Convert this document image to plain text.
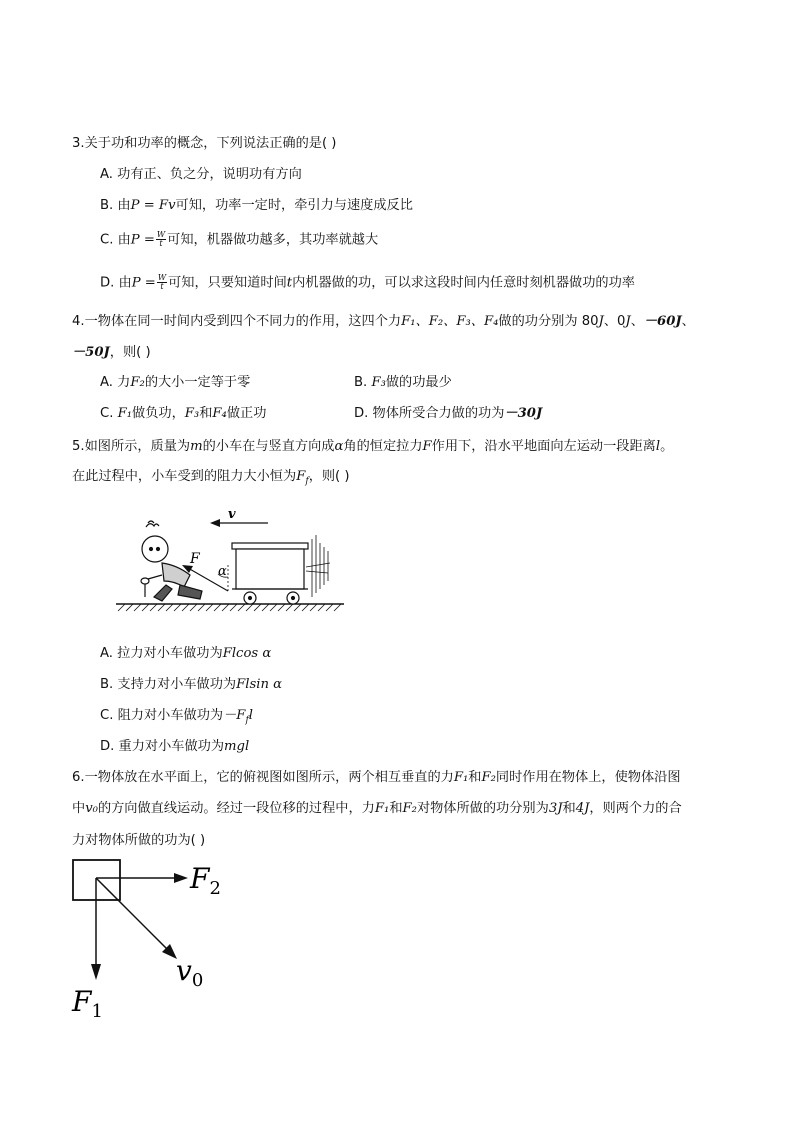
3.关于功和功率的概念，下列说法正确的是( )
A. 功有正、负之分，说明功有方向
B. 由P = Fv可知，功率一定时，牵引力与速度成反比
C. 由$P = \frac{W}{t}$ 可知，机器做功越多，其功率就越大
D. 由$P = \frac{W}{t}$ 可知，只要知道时间t内机器做的功，可以求这段时间内任意时刻机器做功的功率
4.一物体在同一时间内受到四个不同力的作用，这四个力F₁、F₂、F₃、F₄做的功分别为 80J、0J、－60J、
－50J，则( )
A. 力F₂的大小一定等于零	B. F₃做的功最少
C. F₁做负功，F₃和F₄做正功	D. 物体所受合力做的功为－30J
5.如图所示，质量为m的小车在与竖直方向成α角的恒定拉力F作用下，沿水平地面向左运动一段距离l。
在此过程中，小车受到的阻力大小恒为$F_f$，则( )
v
F
α
A. 拉力对小车做功为Flcos α
B. 支持力对小车做功为Flsin α
C. 阻力对小车做功为$-F_fl$
D. 重力对小车做功为mgl
6.一物体放在水平面上，它的俯视图如图所示，两个相互垂直的力F₁和F₂同时作用在物体上，使物体沿图
中v₀的方向做直线运动。经过一段位移的过程中，力F₁和F₂对物体所做的功分别为3J和4J，则两个力的合
力对物体所做的功为( )
$F_2$
$v_0$
$F_1$
